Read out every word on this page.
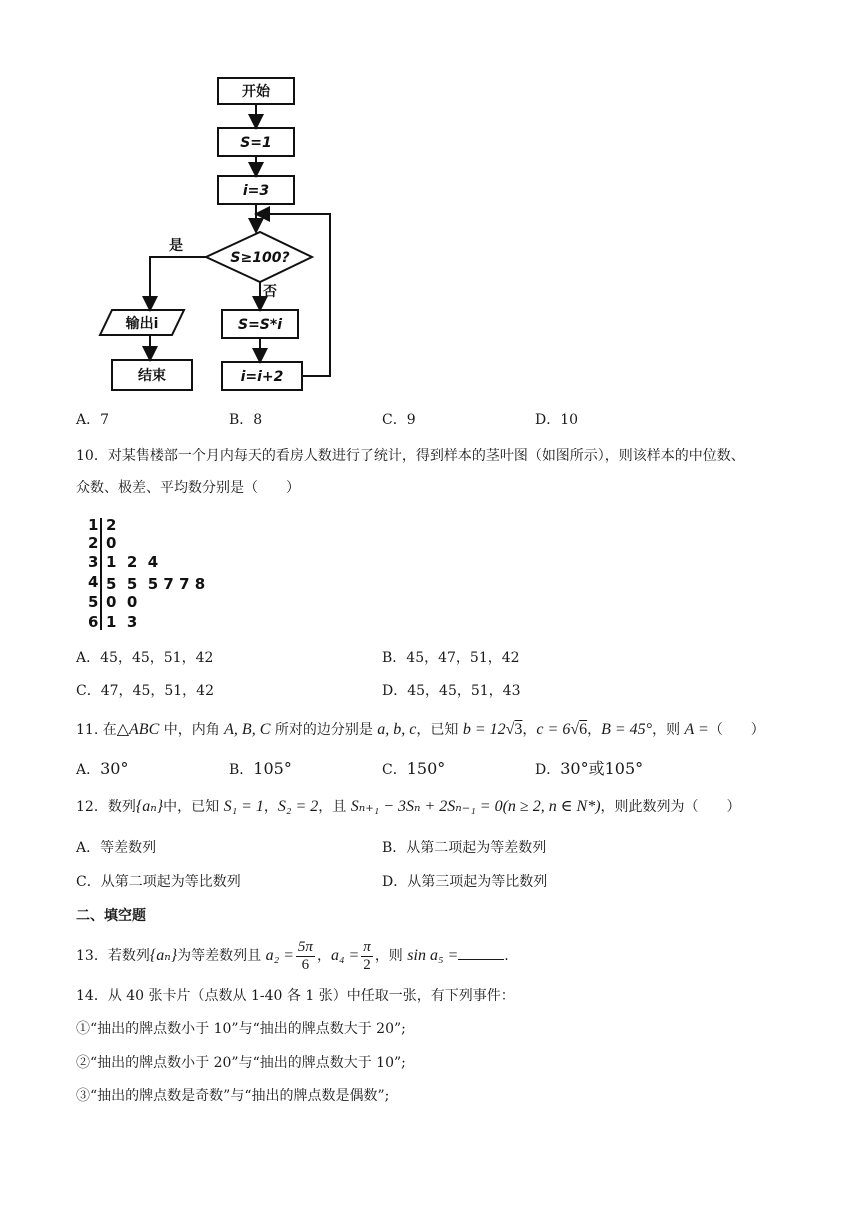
开始
S=1
i=3
S≥100?
是
否
输出i	S=S*i
结束	i=i+2
A．7	B．8	C．9	D．10
10．对某售楼部一个月内每天的看房人数进行了统计，得到样本的茎叶图（如图所示），则该样本的中位数、
众数、极差、平均数分别是（　　）
1 2
2 0
3 1  2  4
4 5  5  5 7 7 8
5 0  0
6 1  3
A．45，45，51，42	B．45，47，51，42
C．47，45，51，42	D．45，45，51，43
11. 在△ABC 中，内角 A, B, C 所对的边分别是 a, b, c，已知 b = 12√3，c = 6√6，B = 45°，则 A =（　　）
A．30°	B．105°	C．150°	D．30°或105°
12．数列{aₙ}中，已知 S₁ = 1，S₂ = 2，且 Sₙ₊₁ − 3Sₙ + 2Sₙ₋₁ = 0(n ≥ 2, n ∈ N*)，则此数列为（　　）
A．等差数列	B．从第二项起为等差数列
C．从第二项起为等比数列	D．从第三项起为等比数列
二、填空题
13．若数列{aₙ}为等差数列且 $a_2 = \frac{5\pi}{6}$ ，$a_4 = \frac{\pi}{2}$ ，则 sin a₅ =	.
14．从 40 张卡片（点数从 1-40 各 1 张）中任取一张，有下列事件：
①“抽出的牌点数小于 10”与“抽出的牌点数大于 20”;
②“抽出的牌点数小于 20”与“抽出的牌点数大于 10”;
③“抽出的牌点数是奇数”与“抽出的牌点数是偶数”;
